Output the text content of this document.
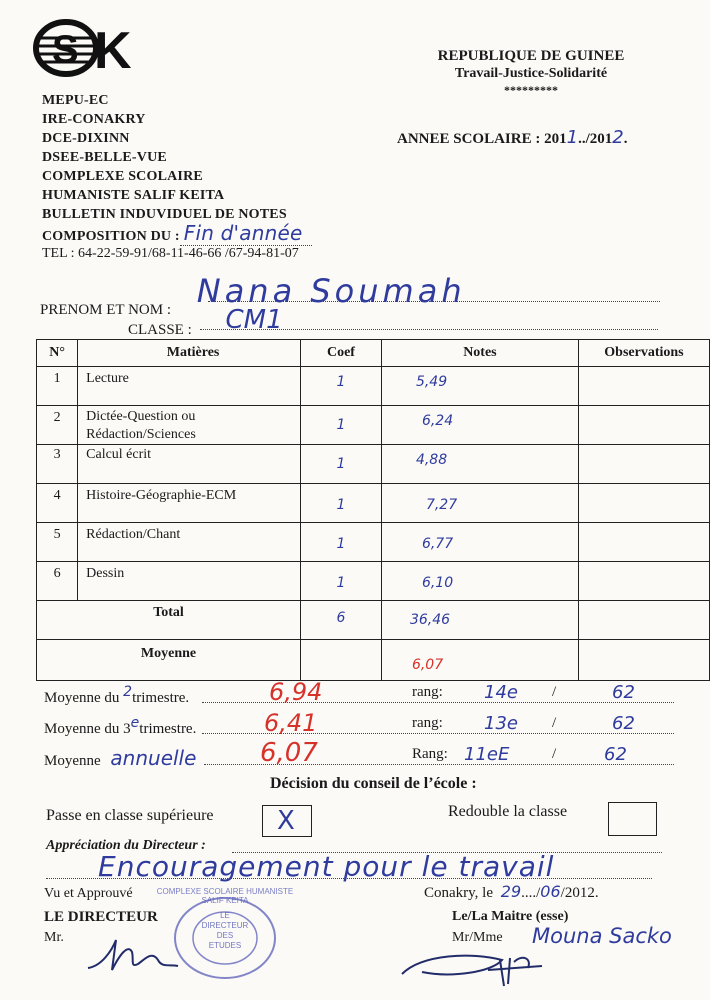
S K
MEPU-EC
IRE-CONAKRY
DCE-DIXINN
DSEE-BELLE-VUE
COMPLEXE SCOLAIRE
HUMANISTE SALIF KEITA
BULLETIN INDUVIDUEL DE NOTES
COMPOSITION DU : Fin d'année
TEL : 64-22-59-91/68-11-46-66 /67-94-81-07
REPUBLIQUE DE GUINEE
Travail-Justice-Solidarité
*********
ANNEE SCOLAIRE : 2011../2012.
PRENOM ET NOM : Nana Soumah
CLASSE : CM1
N°	Matières	Coef	Notes	Observations
1	Lecture	1	5,49	
2	Dictée-Question ou Rédaction/Sciences	1	6,24	
3	Calcul écrit	1	4,88	
4	Histoire-Géographie-ECM	1	7,27	
5	Rédaction/Chant	1	6,77	
6	Dessin	1	6,10	
Total		6	36,46	
Moyenne			6,07	
Moyenne du $^2$trimestre.	6,94	rang: 14e /	62
Moyenne du 3etrimestre.	6,41	rang: 13e /	62
Moyenne annuelle 6,07	Rang: 11eE	/	62
Décision du conseil de l’école :
Passe en classe supérieure X	Redouble la classe
Appréciation du Directeur :
Encouragement pour le travail
Vu et Approuvé	Conakry, le 29..../06/2012.
LE DIRECTEUR
Mr.
Le/La Maitre (esse)
Mr/Mme Mouna Sacko
COMPLEXE SCOLAIRE HUMANISTE SALIF KEITA
LE
DIRECTEUR
DES
ETUDES
